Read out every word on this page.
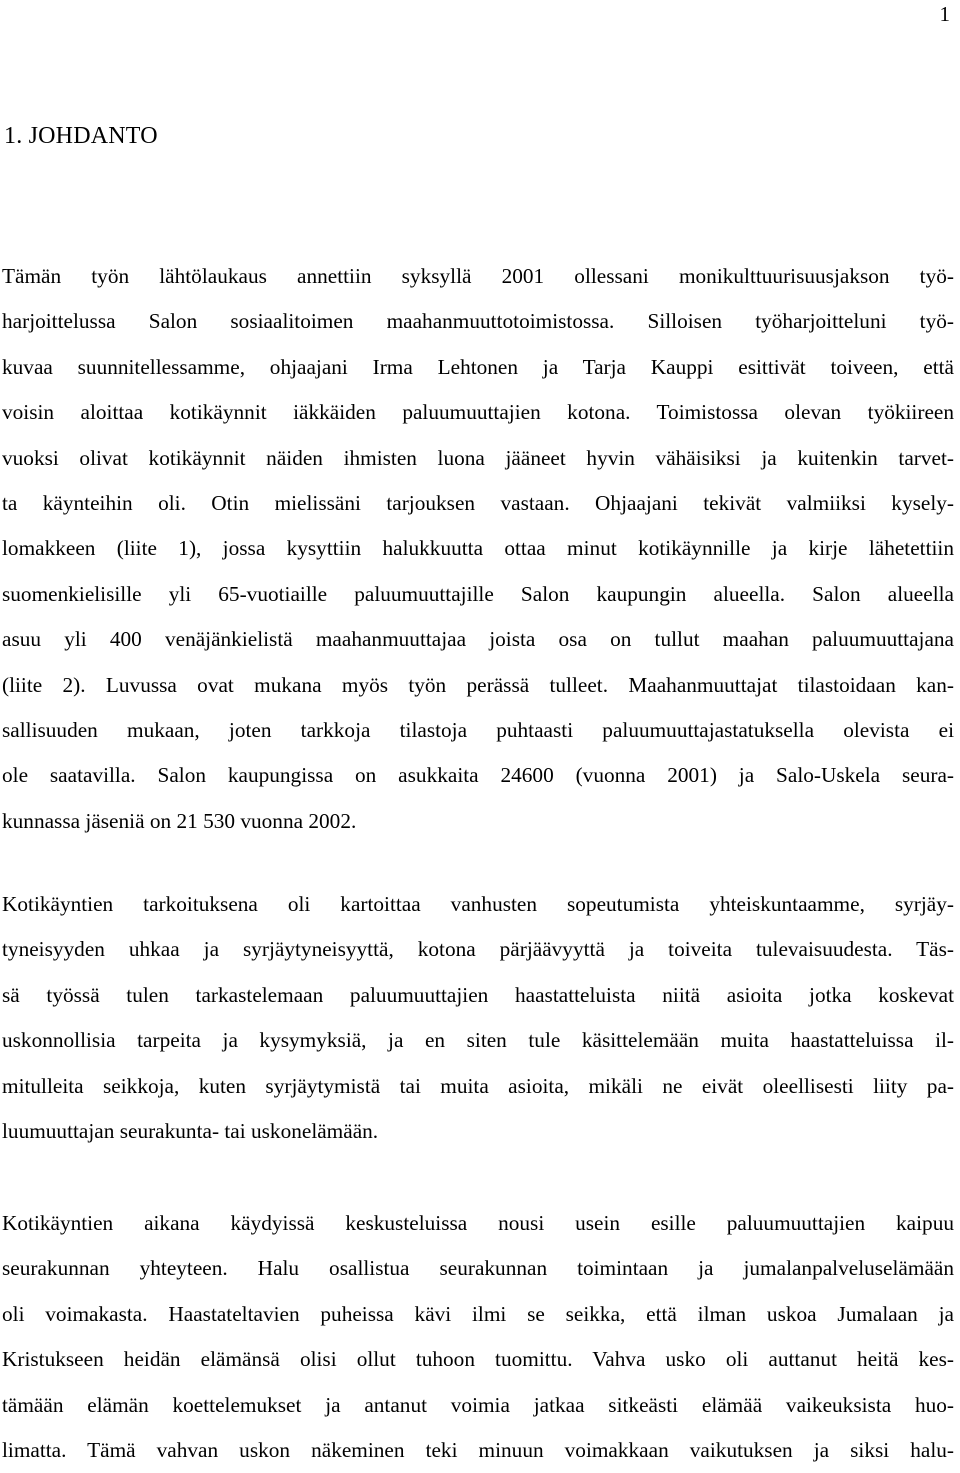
1
1. JOHDANTO
Tämän työn lähtölaukaus annettiin syksyllä 2001 ollessani monikulttuurisuusjakson työ-
harjoittelussa Salon sosiaalitoimen maahanmuuttotoimistossa. Silloisen työharjoitteluni työ-
kuvaa suunnitellessamme, ohjaajani Irma Lehtonen ja Tarja Kauppi esittivät toiveen, että
voisin aloittaa kotikäynnit iäkkäiden paluumuuttajien kotona. Toimistossa olevan työkiireen
vuoksi olivat kotikäynnit näiden ihmisten luona jääneet hyvin vähäisiksi ja kuitenkin tarvet-
ta käynteihin oli. Otin mielissäni tarjouksen vastaan. Ohjaajani tekivät valmiiksi kysely-
lomakkeen (liite 1), jossa kysyttiin halukkuutta ottaa minut kotikäynnille ja kirje lähetettiin
suomenkielisille yli 65-vuotiaille paluumuuttajille Salon kaupungin alueella. Salon alueella
asuu yli 400 venäjänkielistä maahanmuuttajaa joista osa on tullut maahan paluumuuttajana
(liite 2). Luvussa ovat mukana myös työn perässä tulleet. Maahanmuuttajat tilastoidaan kan-
sallisuuden mukaan, joten tarkkoja tilastoja puhtaasti paluumuuttajastatuksella olevista ei
ole saatavilla. Salon kaupungissa on asukkaita 24600 (vuonna 2001) ja Salo-Uskela seura-
kunnassa jäseniä on 21 530 vuonna 2002.
Kotikäyntien tarkoituksena oli kartoittaa vanhusten sopeutumista yhteiskuntaamme, syrjäy-
tyneisyyden uhkaa ja syrjäytyneisyyttä, kotona pärjäävyyttä ja toiveita tulevaisuudesta. Täs-
sä työssä tulen tarkastelemaan paluumuuttajien haastatteluista niitä asioita jotka koskevat
uskonnollisia tarpeita ja kysymyksiä, ja en siten tule käsittelemään muita haastatteluissa il-
mitulleita seikkoja, kuten syrjäytymistä tai muita asioita, mikäli ne eivät oleellisesti liity pa-
luumuuttajan seurakunta- tai uskonelämään.
Kotikäyntien aikana käydyissä keskusteluissa nousi usein esille paluumuuttajien kaipuu
seurakunnan yhteyteen. Halu osallistua seurakunnan toimintaan ja jumalanpalveluselämään
oli voimakasta. Haastateltavien puheissa kävi ilmi se seikka, että ilman uskoa Jumalaan ja
Kristukseen heidän elämänsä olisi ollut tuhoon tuomittu. Vahva usko oli auttanut heitä kes-
tämään elämän koettelemukset ja antanut voimia jatkaa sitkeästi elämää vaikeuksista huo-
limatta. Tämä vahvan uskon näkeminen teki minuun voimakkaan vaikutuksen ja siksi halu-
